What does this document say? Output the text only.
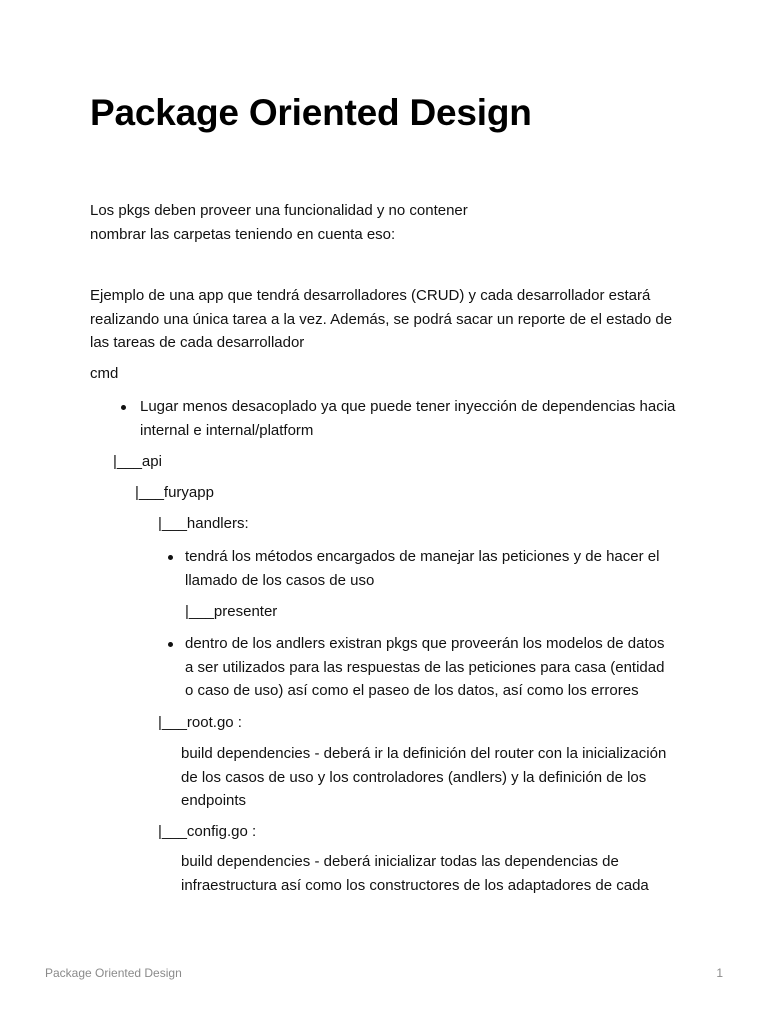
Package Oriented Design

Los pkgs deben proveer una funcionalidad y no contener
nombrar las carpetas teniendo en cuenta eso:

Ejemplo de una app que tendrá desarrolladores (CRUD) y cada desarrollador estará
realizando una única tarea a la vez. Además, se podrá sacar un reporte de el estado de
las tareas de cada desarrollador

cmd

Lugar menos desacoplado ya que puede tener inyección de dependencias hacia
internal e internal/platform

|___api

|___furyapp

|___handlers:

tendrá los métodos encargados de manejar las peticiones y de hacer el
llamado de los casos de uso

|___presenter

dentro de los andlers existran pkgs que proveerán los modelos de datos
a ser utilizados para las respuestas de las peticiones para casa (entidad
o caso de uso) así como el paseo de los datos, así como los errores

|___root.go :

build dependencies - deberá ir la definición del router con la inicialización
de los casos de uso y los controladores (andlers) y la definición de los
endpoints

|___config.go :

build dependencies - deberá inicializar todas las dependencias de
infraestructura así como los constructores de los adaptadores de cada

Package Oriented Design	1
